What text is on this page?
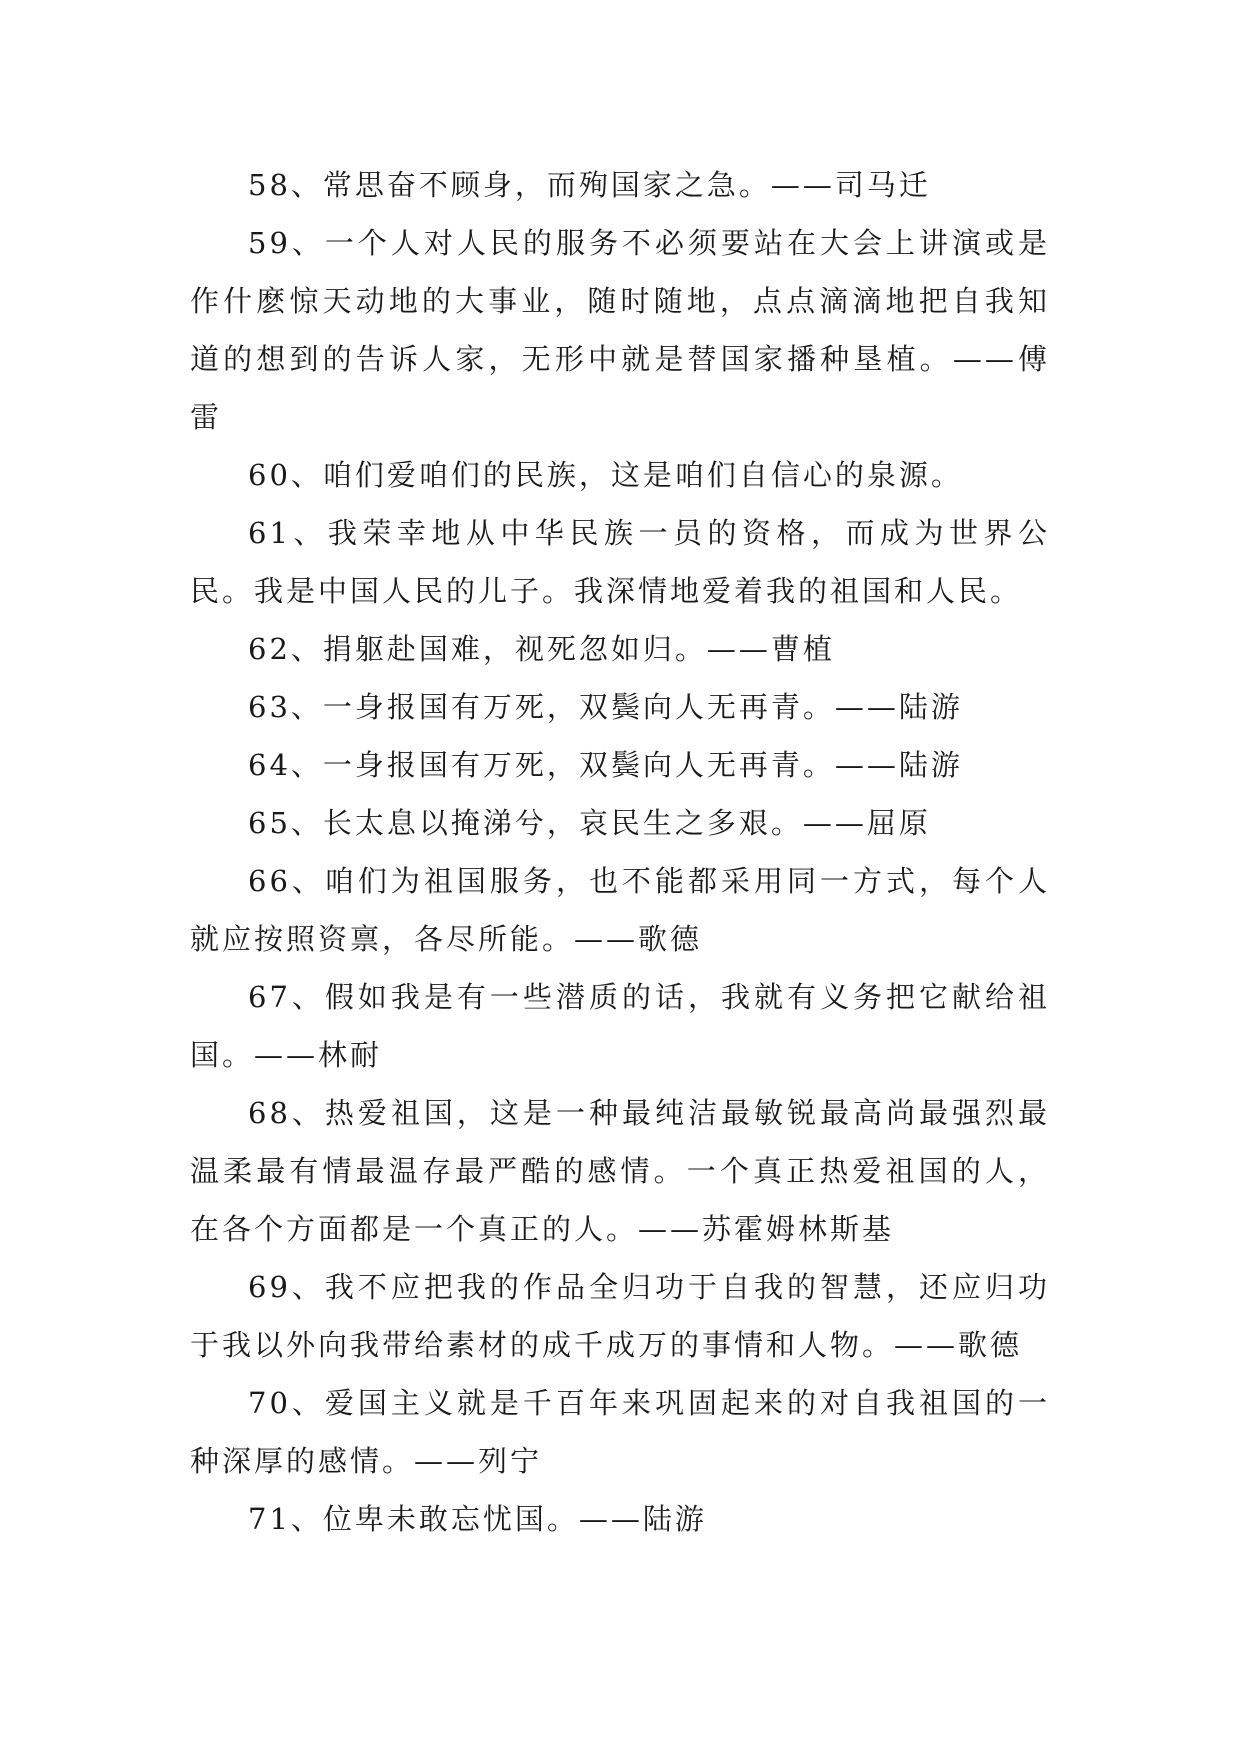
58、常思奋不顾身，而殉国家之急。——司马迁

59、一个人对人民的服务不必须要站在大会上讲演或是作什麽惊天动地的大事业，随时随地，点点滴滴地把自我知道的想到的告诉人家，无形中就是替国家播种垦植。——傅雷

60、咱们爱咱们的民族，这是咱们自信心的泉源。

61、我荣幸地从中华民族一员的资格，而成为世界公民。我是中国人民的儿子。我深情地爱着我的祖国和人民。

62、捐躯赴国难，视死忽如归。——曹植

63、一身报国有万死，双鬓向人无再青。——陆游

64、一身报国有万死，双鬓向人无再青。——陆游

65、长太息以掩涕兮，哀民生之多艰。——屈原

66、咱们为祖国服务，也不能都采用同一方式，每个人就应按照资禀，各尽所能。——歌德

67、假如我是有一些潜质的话，我就有义务把它献给祖国。——林耐

68、热爱祖国，这是一种最纯洁最敏锐最高尚最强烈最温柔最有情最温存最严酷的感情。一个真正热爱祖国的人，在各个方面都是一个真正的人。——苏霍姆林斯基

69、我不应把我的作品全归功于自我的智慧，还应归功于我以外向我带给素材的成千成万的事情和人物。——歌德

70、爱国主义就是千百年来巩固起来的对自我祖国的一种深厚的感情。——列宁

71、位卑未敢忘忧国。——陆游
